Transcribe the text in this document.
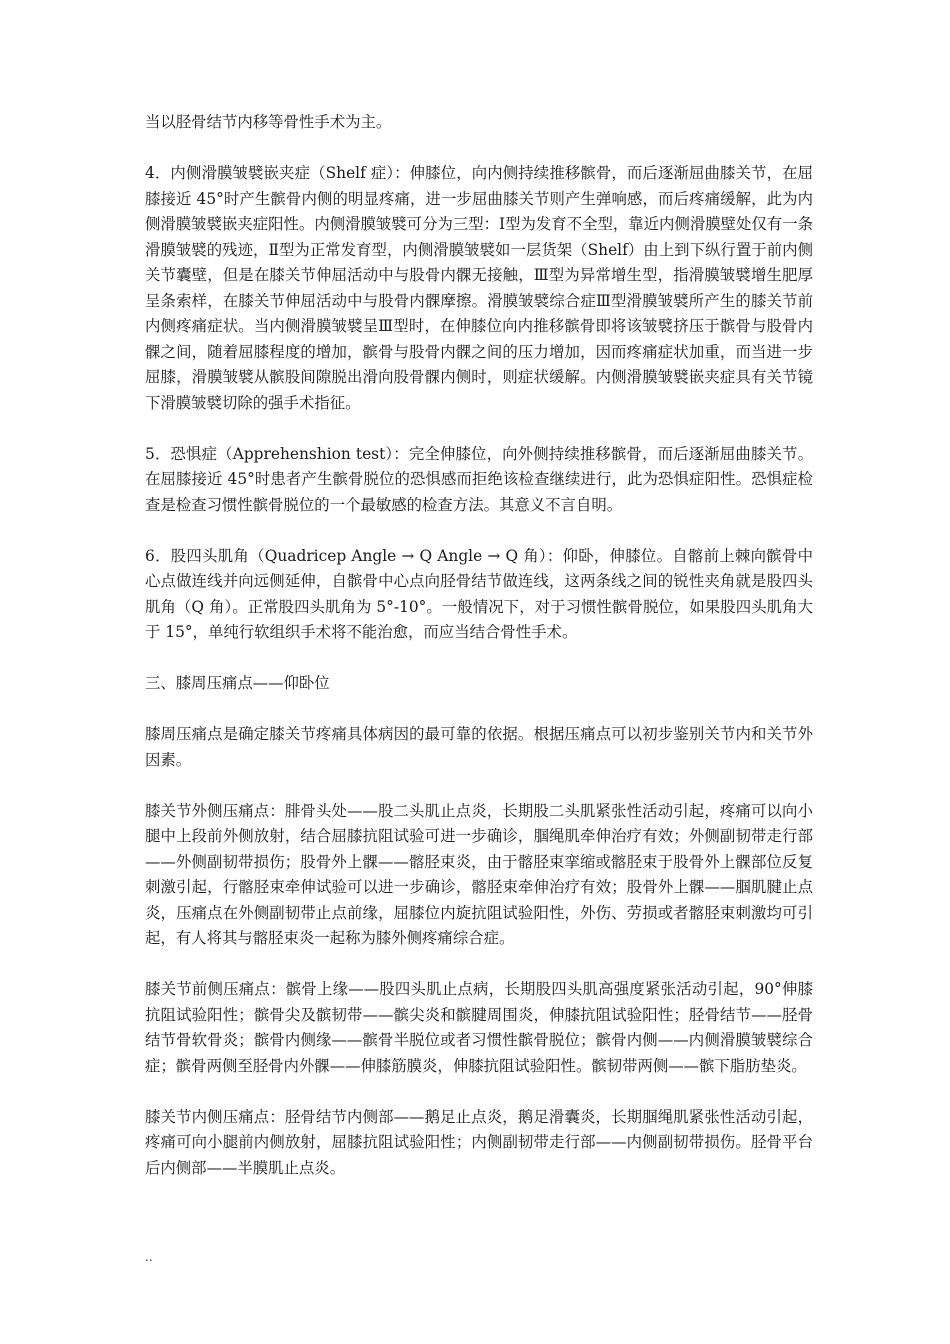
当以胫骨结节内移等骨性手术为主。

4．内侧滑膜皱襞嵌夹症（Shelf 症）：伸膝位，向内侧持续推移髌骨，而后逐渐屈曲膝关节，在屈膝接近 45°时产生髌骨内侧的明显疼痛，进一步屈曲膝关节则产生弹响感，而后疼痛缓解，此为内侧滑膜皱襞嵌夹症阳性。内侧滑膜皱襞可分为三型：Ⅰ型为发育不全型，靠近内侧滑膜壁处仅有一条滑膜皱襞的残迹，Ⅱ型为正常发育型，内侧滑膜皱襞如一层货架（Shelf）由上到下纵行置于前内侧关节囊壁，但是在膝关节伸屈活动中与股骨内髁无接触，Ⅲ型为异常增生型，指滑膜皱襞增生肥厚呈条索样，在膝关节伸屈活动中与股骨内髁摩擦。滑膜皱襞综合症Ⅲ型滑膜皱襞所产生的膝关节前内侧疼痛症状。当内侧滑膜皱襞呈Ⅲ型时，在伸膝位向内推移髌骨即将该皱襞挤压于髌骨与股骨内髁之间，随着屈膝程度的增加，髌骨与股骨内髁之间的压力增加，因而疼痛症状加重，而当进一步屈膝，滑膜皱襞从髌股间隙脱出滑向股骨髁内侧时，则症状缓解。内侧滑膜皱襞嵌夹症具有关节镜下滑膜皱襞切除的强手术指征。

5．恐惧症（Apprehenshion test）：完全伸膝位，向外侧持续推移髌骨，而后逐渐屈曲膝关节。在屈膝接近 45°时患者产生髌骨脱位的恐惧感而拒绝该检查继续进行，此为恐惧症阳性。恐惧症检查是检查习惯性髌骨脱位的一个最敏感的检查方法。其意义不言自明。

6．股四头肌角（Quadricep Angle → Q Angle → Q 角）：仰卧，伸膝位。自髂前上棘向髌骨中心点做连线并向远侧延伸，自髌骨中心点向胫骨结节做连线，这两条线之间的锐性夹角就是股四头肌角（Q 角）。正常股四头肌角为 5°-10°。一般情况下，对于习惯性髌骨脱位，如果股四头肌角大于 15°，单纯行软组织手术将不能治愈，而应当结合骨性手术。

三、膝周压痛点——仰卧位

膝周压痛点是确定膝关节疼痛具体病因的最可靠的依据。根据压痛点可以初步鉴别关节内和关节外因素。

膝关节外侧压痛点：腓骨头处——股二头肌止点炎，长期股二头肌紧张性活动引起，疼痛可以向小腿中上段前外侧放射，结合屈膝抗阻试验可进一步确诊，腘绳肌牵伸治疗有效；外侧副韧带走行部——外侧副韧带损伤；股骨外上髁——髂胫束炎，由于髂胫束挛缩或髂胫束于股骨外上髁部位反复刺激引起，行髂胫束牵伸试验可以进一步确诊，髂胫束牵伸治疗有效；股骨外上髁——腘肌腱止点炎，压痛点在外侧副韧带止点前缘，屈膝位内旋抗阻试验阳性，外伤、劳损或者髂胫束刺激均可引起，有人将其与髂胫束炎一起称为膝外侧疼痛综合症。

膝关节前侧压痛点：髌骨上缘——股四头肌止点病，长期股四头肌高强度紧张活动引起，90°伸膝抗阻试验阳性；髌骨尖及髌韧带——髌尖炎和髌腱周围炎，伸膝抗阻试验阳性；胫骨结节——胫骨结节骨软骨炎；髌骨内侧缘——髌骨半脱位或者习惯性髌骨脱位；髌骨内侧——内侧滑膜皱襞综合症；髌骨两侧至胫骨内外髁——伸膝筋膜炎，伸膝抗阻试验阳性。髌韧带两侧——髌下脂肪垫炎。

膝关节内侧压痛点：胫骨结节内侧部——鹅足止点炎，鹅足滑囊炎，长期腘绳肌紧张性活动引起，疼痛可向小腿前内侧放射，屈膝抗阻试验阳性；内侧副韧带走行部——内侧副韧带损伤。胫骨平台后内侧部——半膜肌止点炎。

..
